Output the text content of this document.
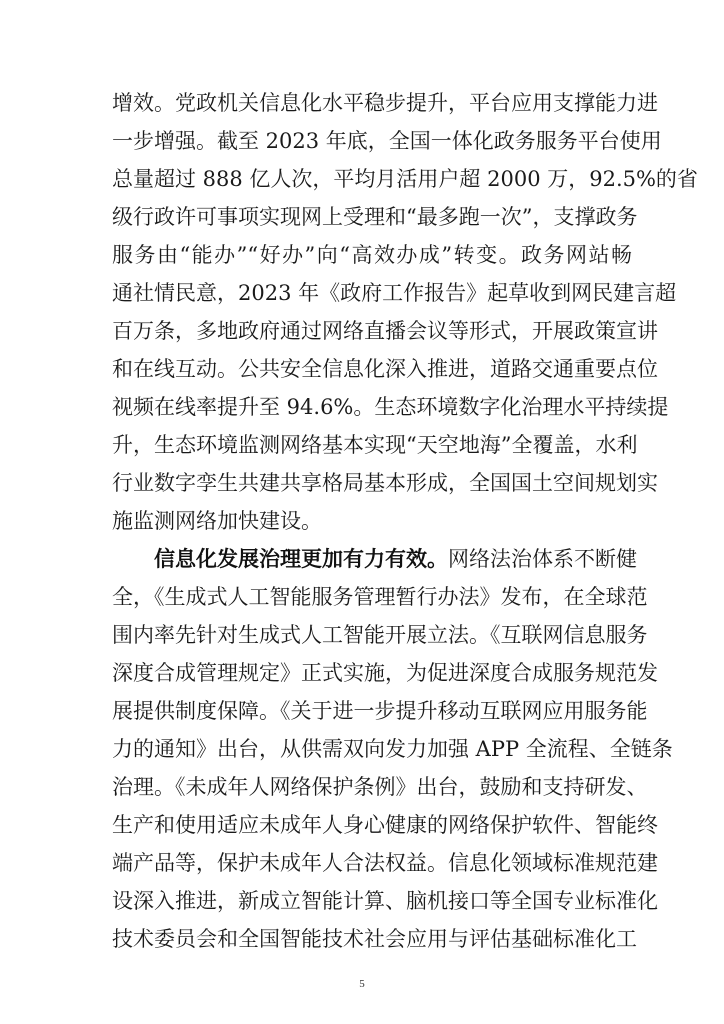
增效。党政机关信息化水平稳步提升，平台应用支撑能力进
一步增强。截至 2023 年底，全国一体化政务服务平台使用
总量超过 888 亿人次，平均月活用户超 2000 万，92.5%的省
级行政许可事项实现网上受理和“最多跑一次”，支撑政务
服务由“能办”“好办”向“高效办成”转变。政务网站畅
通社情民意，2023 年《政府工作报告》起草收到网民建言超
百万条，多地政府通过网络直播会议等形式，开展政策宣讲
和在线互动。公共安全信息化深入推进，道路交通重要点位
视频在线率提升至 94.6%。生态环境数字化治理水平持续提
升，生态环境监测网络基本实现“天空地海”全覆盖，水利
行业数字孪生共建共享格局基本形成，全国国土空间规划实
施监测网络加快建设。
信息化发展治理更加有力有效。网络法治体系不断健
全，《生成式人工智能服务管理暂行办法》发布，在全球范
围内率先针对生成式人工智能开展立法。《互联网信息服务
深度合成管理规定》正式实施，为促进深度合成服务规范发
展提供制度保障。《关于进一步提升移动互联网应用服务能
力的通知》出台，从供需双向发力加强 APP 全流程、全链条
治理。《未成年人网络保护条例》出台，鼓励和支持研发、
生产和使用适应未成年人身心健康的网络保护软件、智能终
端产品等，保护未成年人合法权益。信息化领域标准规范建
设深入推进，新成立智能计算、脑机接口等全国专业标准化
技术委员会和全国智能技术社会应用与评估基础标准化工
5
